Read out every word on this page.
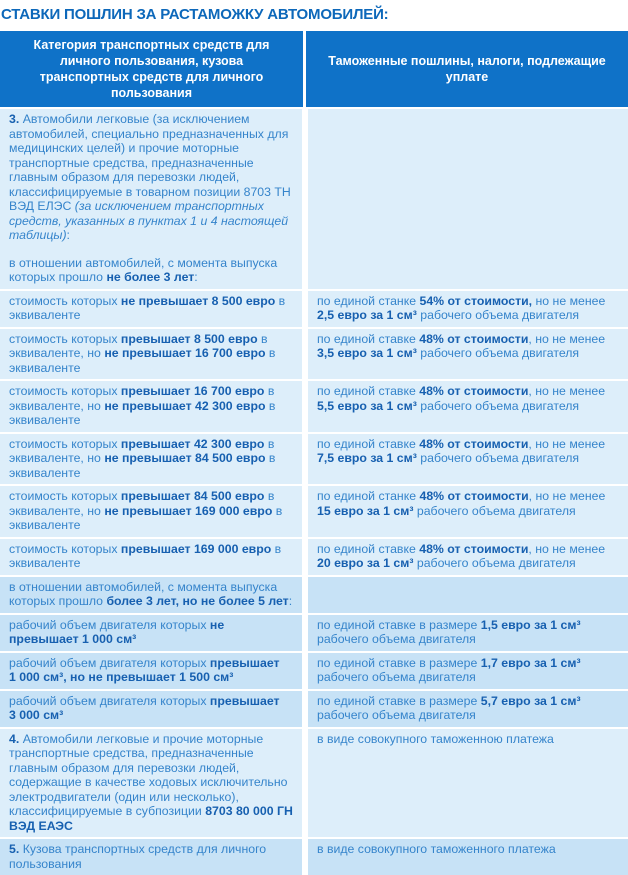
СТАВКИ ПОШЛИН ЗА РАСТАМОЖКУ АВТОМОБИЛЕЙ:
Категория транспортных средств для личного пользования, кузова транспортных средств для личного пользования
Таможенные пошлины, налоги, подлежащие уплате

3. Автомобили легковые (за исключением автомобилей, специально предназначенных для медицинских целей) и прочие моторные транспортные средства, предназначенные главным образом для перевозки людей, классифицируемые в товарном позиции 8703 ТН ВЭД ЕЛЭС (за исключением транспортных средств, указанных в пунктах 1 и 4 настоящей таблицы):

в отношении автомобилей, с момента выпуска которых прошло не более 3 лет:

стоимость которых не превышает 8 500 евро в эквиваленте

по единой станке 54% от стоимости, но не менее 2,5 евро за 1 см³ рабочего объема двигателя

стоимость которых превышает 8 500 евро в эквиваленте, но не превышает 16 700 евро в эквиваленте

по единой ставке 48% от стоимости, но не менее 3,5 евро за 1 см³ рабочего объема двигателя

стоимость которых превышает 16 700 евро в эквиваленте, но не превышает 42 300 евро в эквиваленте

по единой ставке 48% от стоимости, но не менее 5,5 евро за 1 см³ рабочего объема двигателя

стоимость которых превышает 42 300 евро в эквиваленте, но не превышает 84 500 евро в эквиваленте

по единой ставке 48% от стоимости, но не менее 7,5 евро за 1 см³ рабочего объема двигателя

стоимость которых превышает 84 500 евро в эквиваленте, но не превышает 169 000 евро в эквиваленте

по единой станке 48% от стоимости, но не менее 15 евро за 1 см³ рабочего объема двигателя

стоимость которых превышает 169 000 евро в эквиваленте

по единой ставке 48% от стоимости, но не менее 20 евро за 1 см³ рабочего объема двигателя

в отношении автомобилей, с момента выпуска которых прошло более 3 лет, но не более 5 лет:

рабочий объем двигателя которых не превышает 1 000 см³

по единой ставке в размере 1,5 евро за 1 см³ рабочего объема двигателя

рабочий объем двигателя которых превышает 1 000 см³, но не превышает 1 500 см³

по единой ставке в размере 1,7 евро за 1 см³ рабочего объема двигателя

рабочий объем двигателя которых превышает 3 000 см³

по единой ставке в размере 5,7 евро за 1 см³ рабочего объема двигателя

4. Автомобили легковые и прочие моторные транспортные средства, предназначенные главным образом для перевозки людей, содержащие в качестве ходовых исключительно электродвигатели (один или несколько), классифицируемые в субпозиции 8703 80 000 ГН ВЭД ЕАЭС

в виде совокупного таможенною платежа

5. Кузова транспортных средств для личного пользования

в виде совокупного таможенного платежа
